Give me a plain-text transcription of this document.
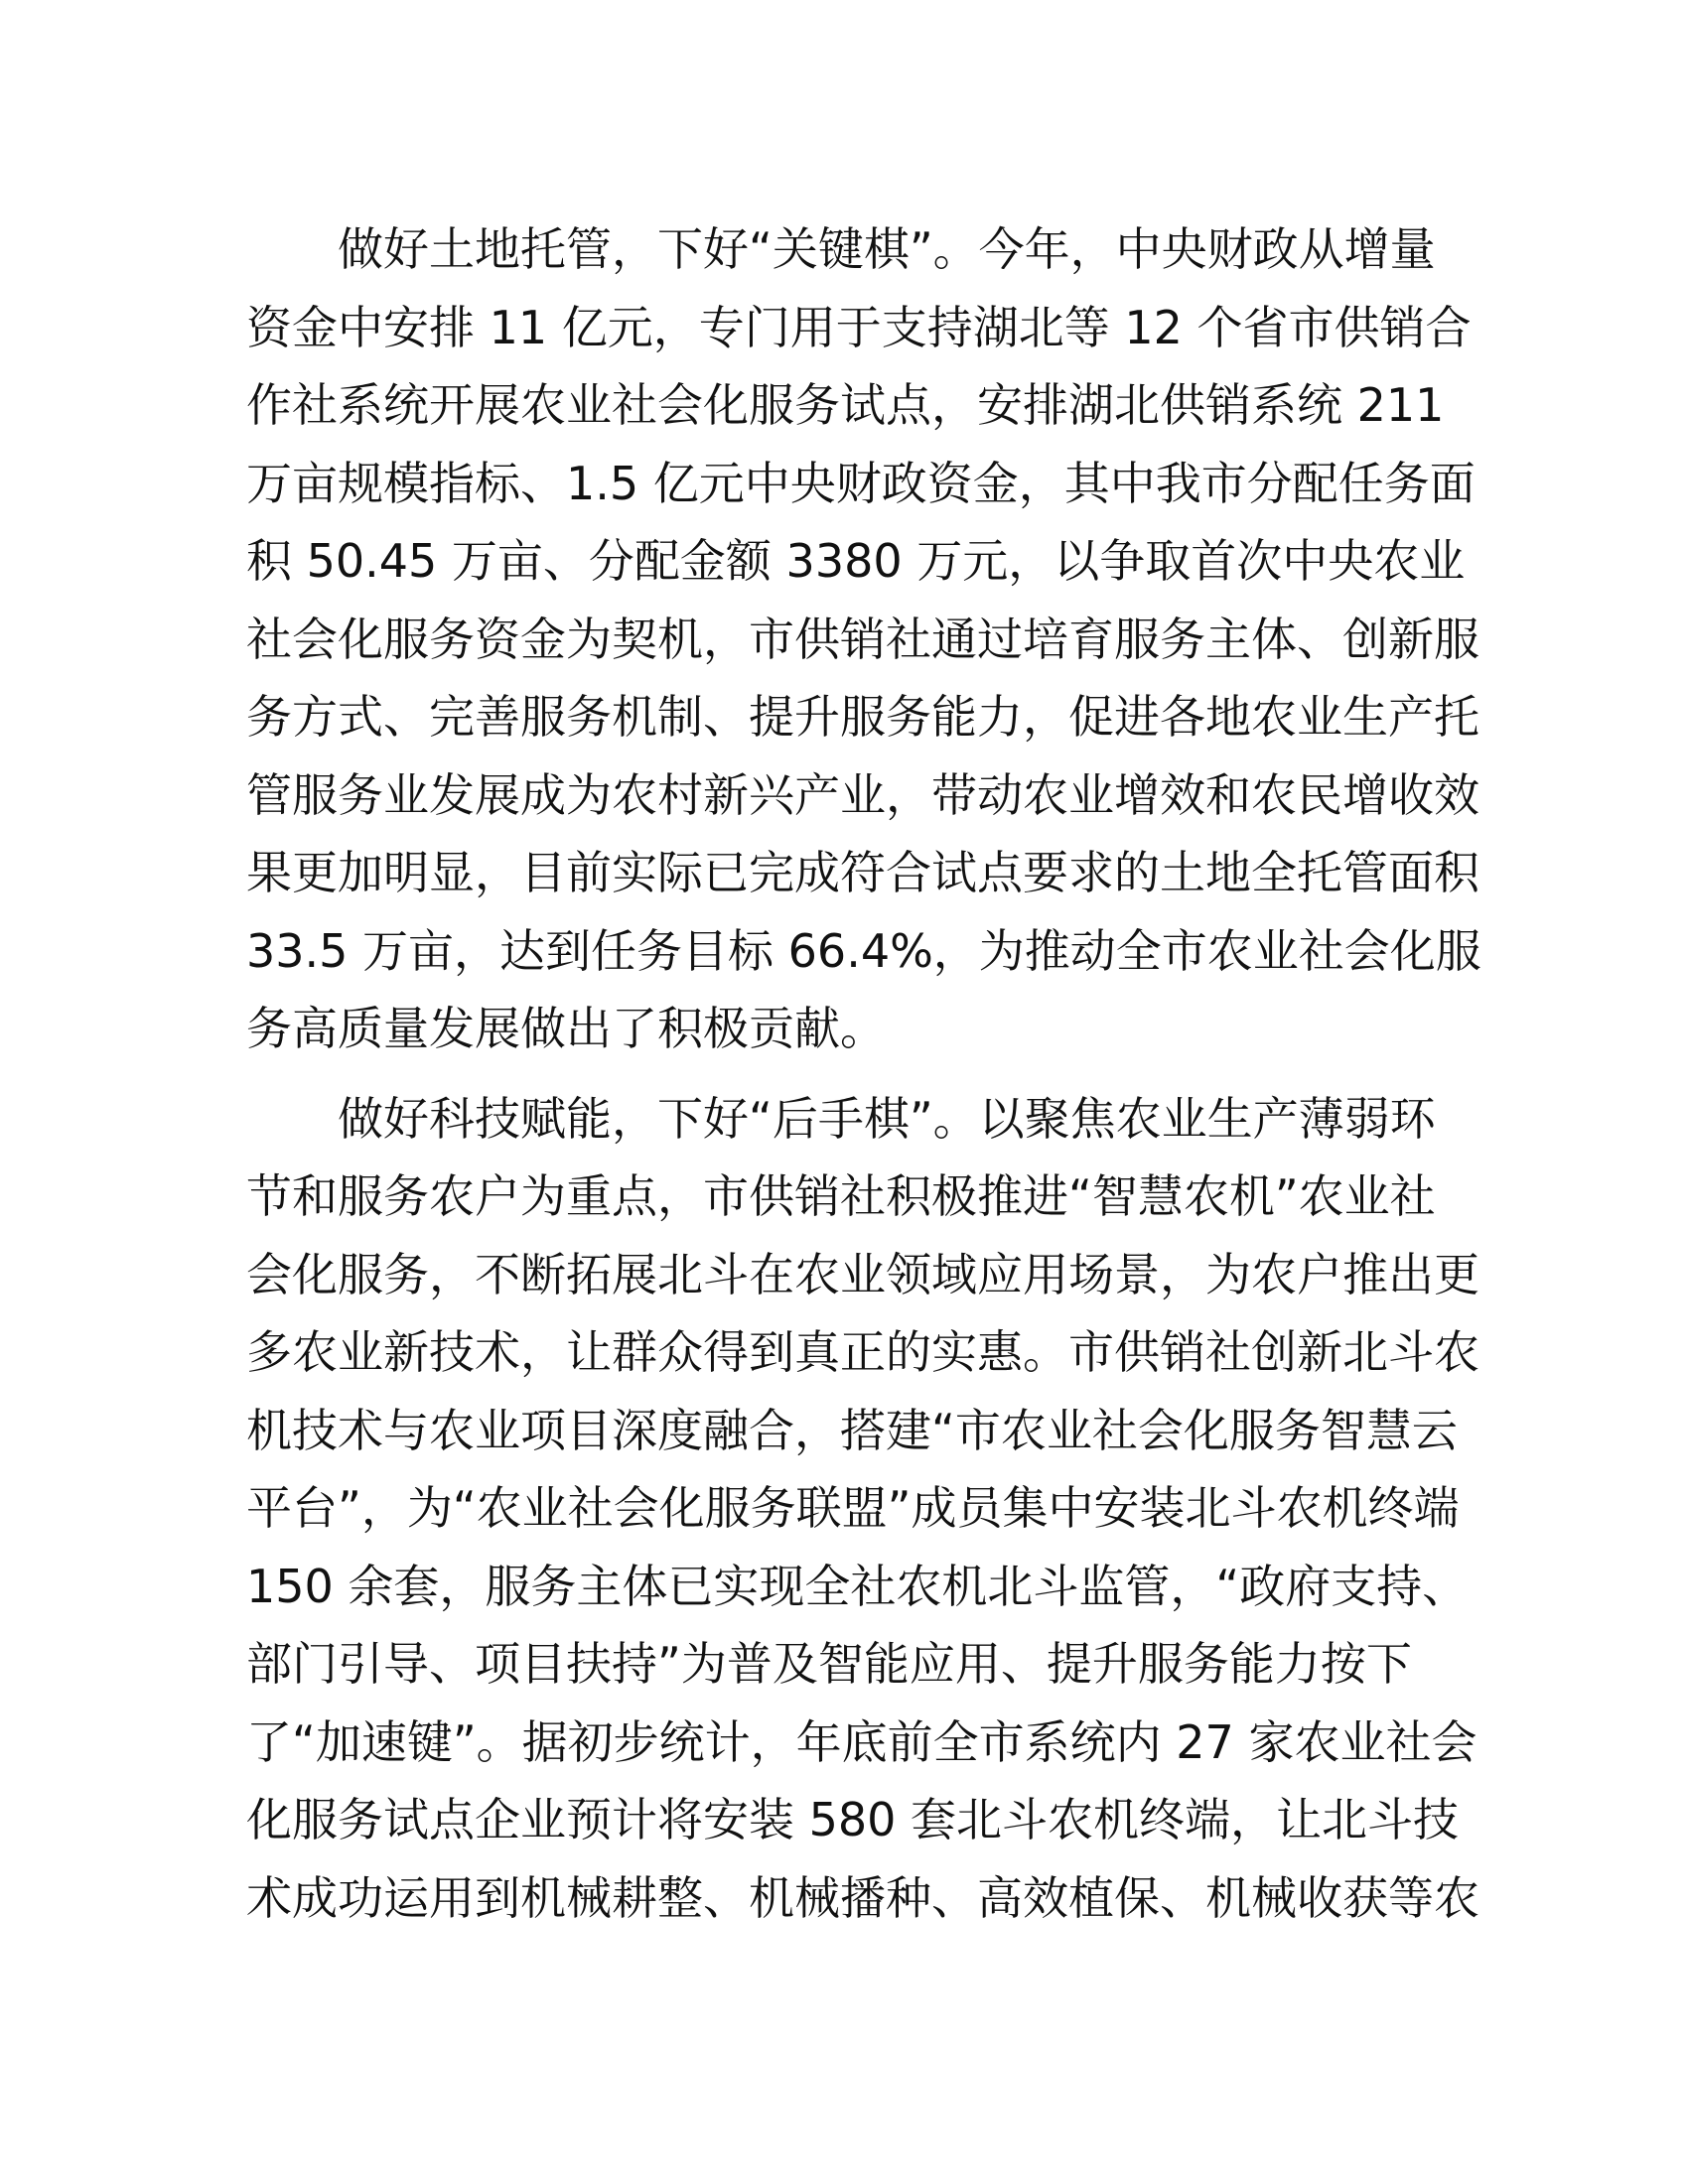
做好土地托管，下好“关键棋”。今年，中央财政从增量
资金中安排 11 亿元，专门用于支持湖北等 12 个省市供销合
作社系统开展农业社会化服务试点，安排湖北供销系统 211
万亩规模指标、1.5 亿元中央财政资金，其中我市分配任务面
积 50.45 万亩、分配金额 3380 万元，以争取首次中央农业
社会化服务资金为契机，市供销社通过培育服务主体、创新服
务方式、完善服务机制、提升服务能力，促进各地农业生产托
管服务业发展成为农村新兴产业，带动农业增效和农民增收效
果更加明显，目前实际已完成符合试点要求的土地全托管面积
33.5 万亩，达到任务目标 66.4%，为推动全市农业社会化服
务高质量发展做出了积极贡献。
做好科技赋能，下好“后手棋”。以聚焦农业生产薄弱环
节和服务农户为重点，市供销社积极推进“智慧农机”农业社
会化服务，不断拓展北斗在农业领域应用场景，为农户推出更
多农业新技术，让群众得到真正的实惠。市供销社创新北斗农
机技术与农业项目深度融合，搭建“市农业社会化服务智慧云
平台”，为“农业社会化服务联盟”成员集中安装北斗农机终端
150 余套，服务主体已实现全社农机北斗监管，“政府支持、
部门引导、项目扶持”为普及智能应用、提升服务能力按下
了“加速键”。据初步统计，年底前全市系统内 27 家农业社会
化服务试点企业预计将安装 580 套北斗农机终端，让北斗技
术成功运用到机械耕整、机械播种、高效植保、机械收获等农
